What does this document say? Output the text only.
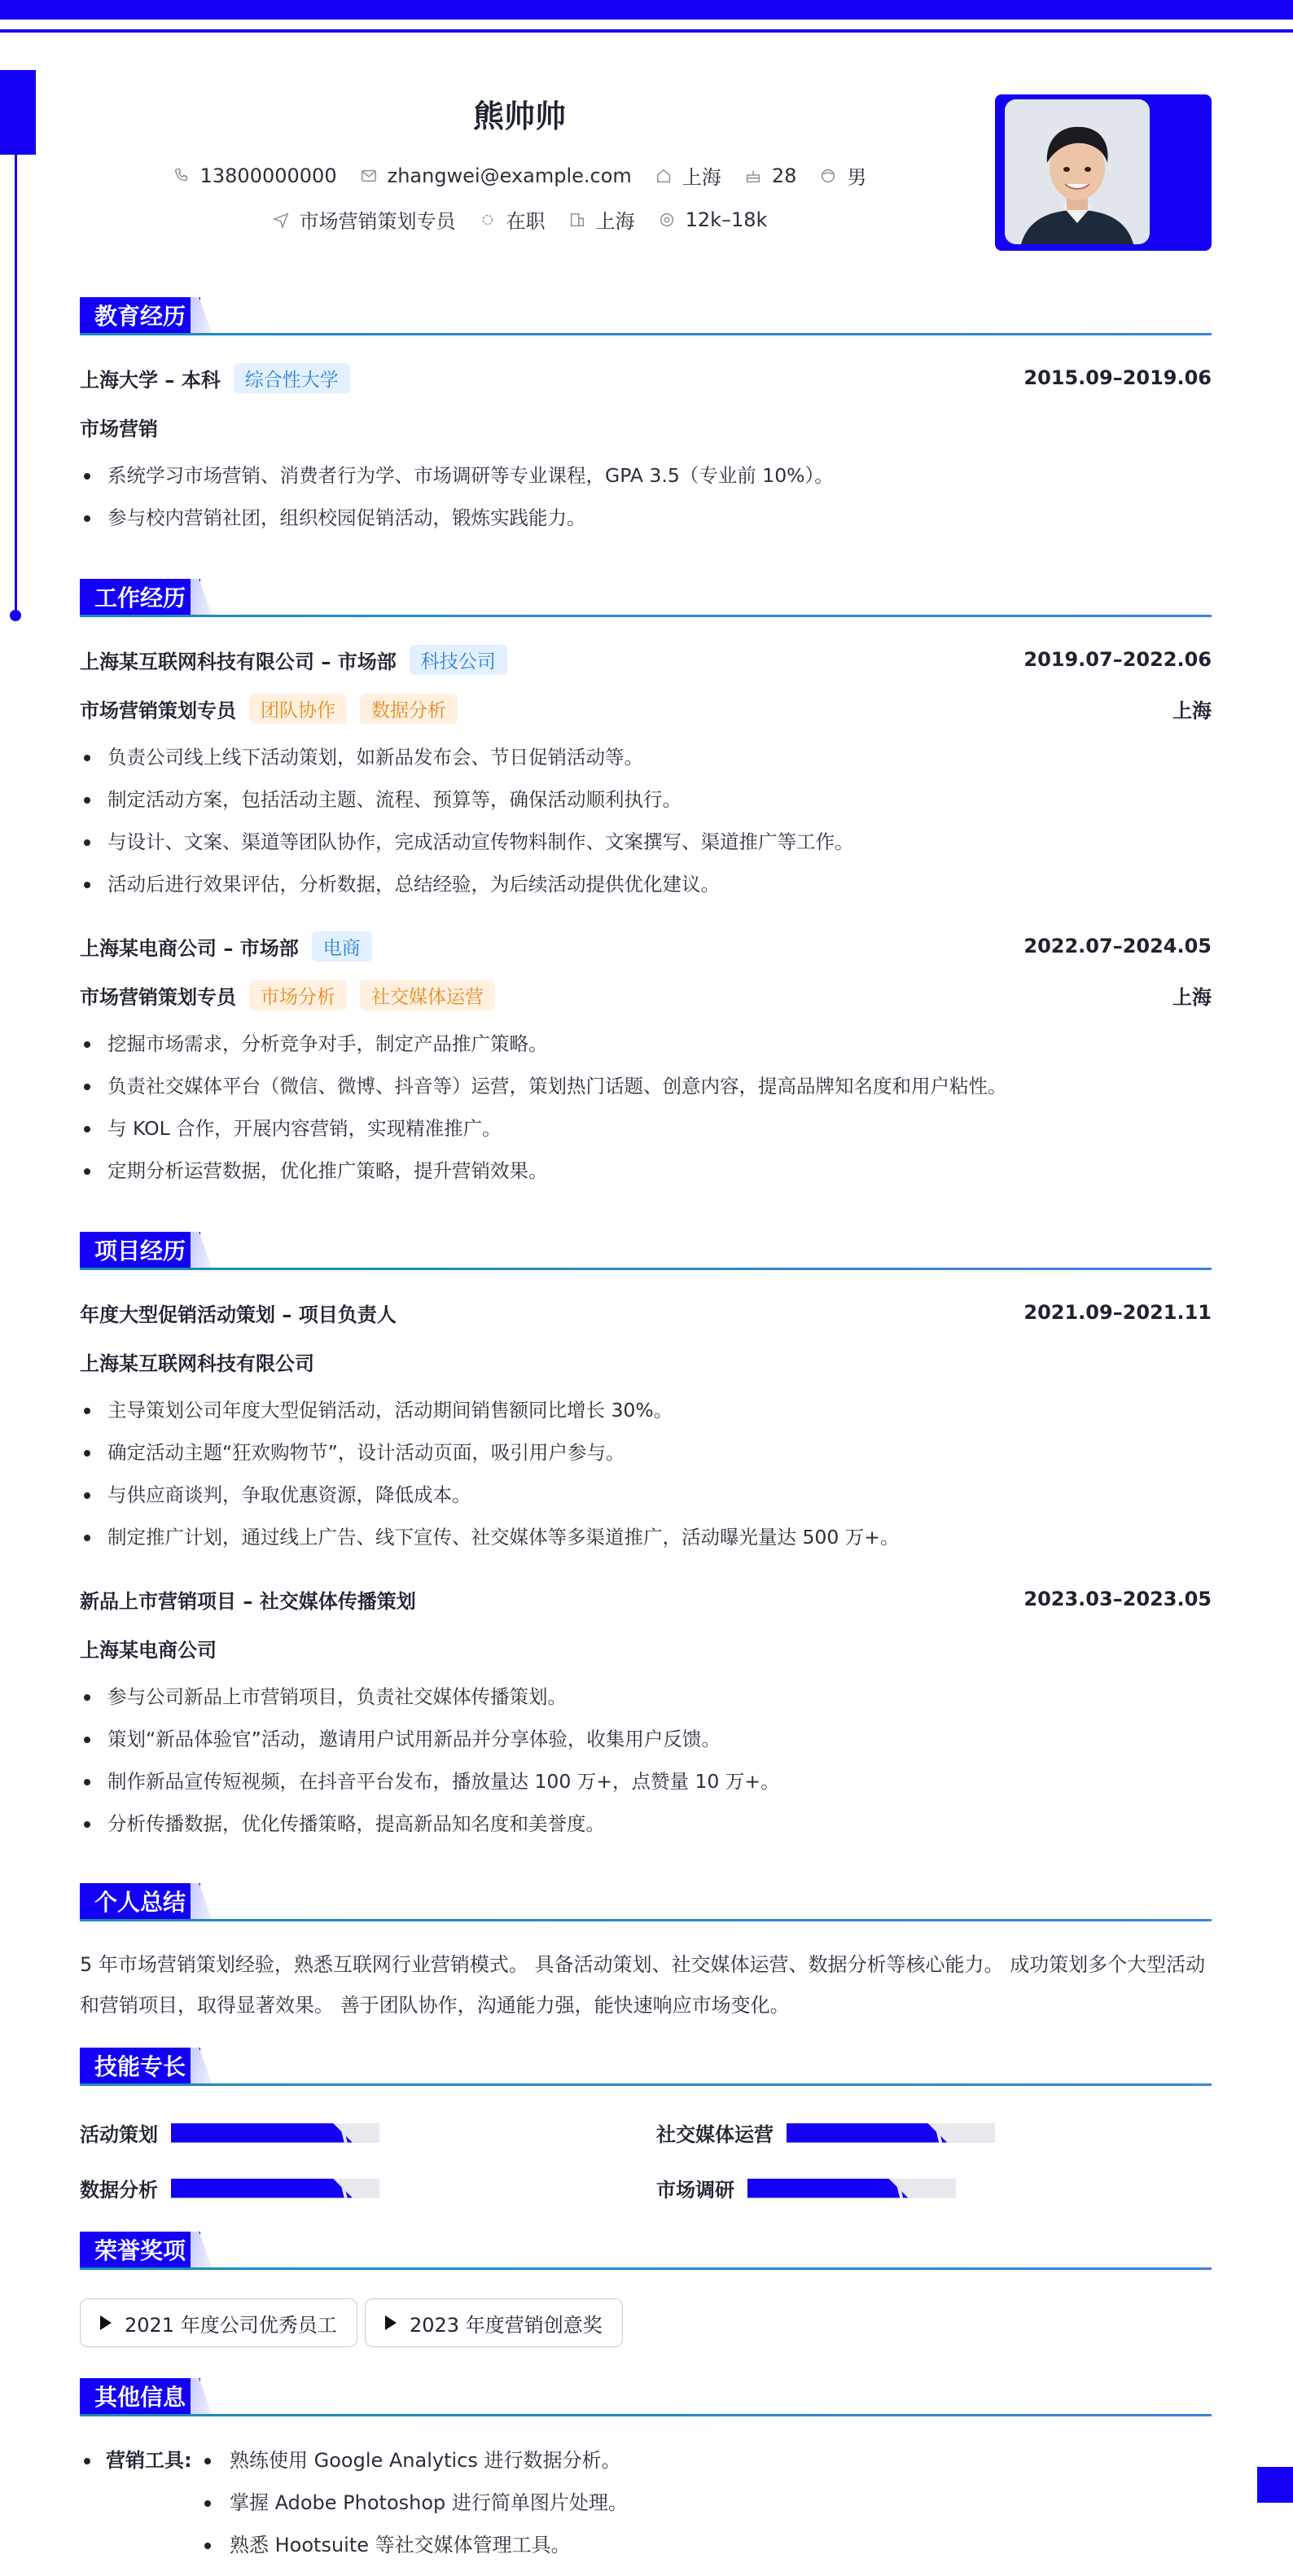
熊帅帅
13800000000	zhangwei@example.com	上海	28	男
市场营销策划专员	在职	上海	12k–18k
教育经历
上海大学 – 本科	综合性大学	2015.09–2019.06
市场营销
系统学习市场营销、消费者行为学、市场调研等专业课程，GPA 3.5（专业前 10%）。
参与校内营销社团，组织校园促销活动，锻炼实践能力。
工作经历
上海某互联网科技有限公司 – 市场部	科技公司	2019.07–2022.06
市场营销策划专员	团队协作	数据分析	上海
负责公司线上线下活动策划，如新品发布会、节日促销活动等。
制定活动方案，包括活动主题、流程、预算等，确保活动顺利执行。
与设计、文案、渠道等团队协作，完成活动宣传物料制作、文案撰写、渠道推广等工作。
活动后进行效果评估，分析数据，总结经验，为后续活动提供优化建议。
上海某电商公司 – 市场部	电商	2022.07–2024.05
市场营销策划专员	市场分析	社交媒体运营	上海
挖掘市场需求，分析竞争对手，制定产品推广策略。
负责社交媒体平台（微信、微博、抖音等）运营，策划热门话题、创意内容，提高品牌知名度和用户粘性。
与 KOL 合作，开展内容营销，实现精准推广。
定期分析运营数据，优化推广策略，提升营销效果。
项目经历
年度大型促销活动策划 – 项目负责人	2021.09–2021.11
上海某互联网科技有限公司
主导策划公司年度大型促销活动，活动期间销售额同比增长 30%。
确定活动主题“狂欢购物节”，设计活动页面，吸引用户参与。
与供应商谈判，争取优惠资源，降低成本。
制定推广计划，通过线上广告、线下宣传、社交媒体等多渠道推广，活动曝光量达 500 万+。
新品上市营销项目 – 社交媒体传播策划	2023.03–2023.05
上海某电商公司
参与公司新品上市营销项目，负责社交媒体传播策划。
策划“新品体验官”活动，邀请用户试用新品并分享体验，收集用户反馈。
制作新品宣传短视频，在抖音平台发布，播放量达 100 万+，点赞量 10 万+。
分析传播数据，优化传播策略，提高新品知名度和美誉度。
个人总结
5 年市场营销策划经验，熟悉互联网行业营销模式。 具备活动策划、社交媒体运营、数据分析等核心能力。 成功策划多个大型活动
和营销项目，取得显著效果。 善于团队协作，沟通能力强，能快速响应市场变化。
技能专长
活动策划	社交媒体运营
数据分析	市场调研
荣誉奖项
2021 年度公司优秀员工	2023 年度营销创意奖
其他信息
营销工具:	熟练使用 Google Analytics 进行数据分析。
掌握 Adobe Photoshop 进行简单图片处理。
熟悉 Hootsuite 等社交媒体管理工具。
